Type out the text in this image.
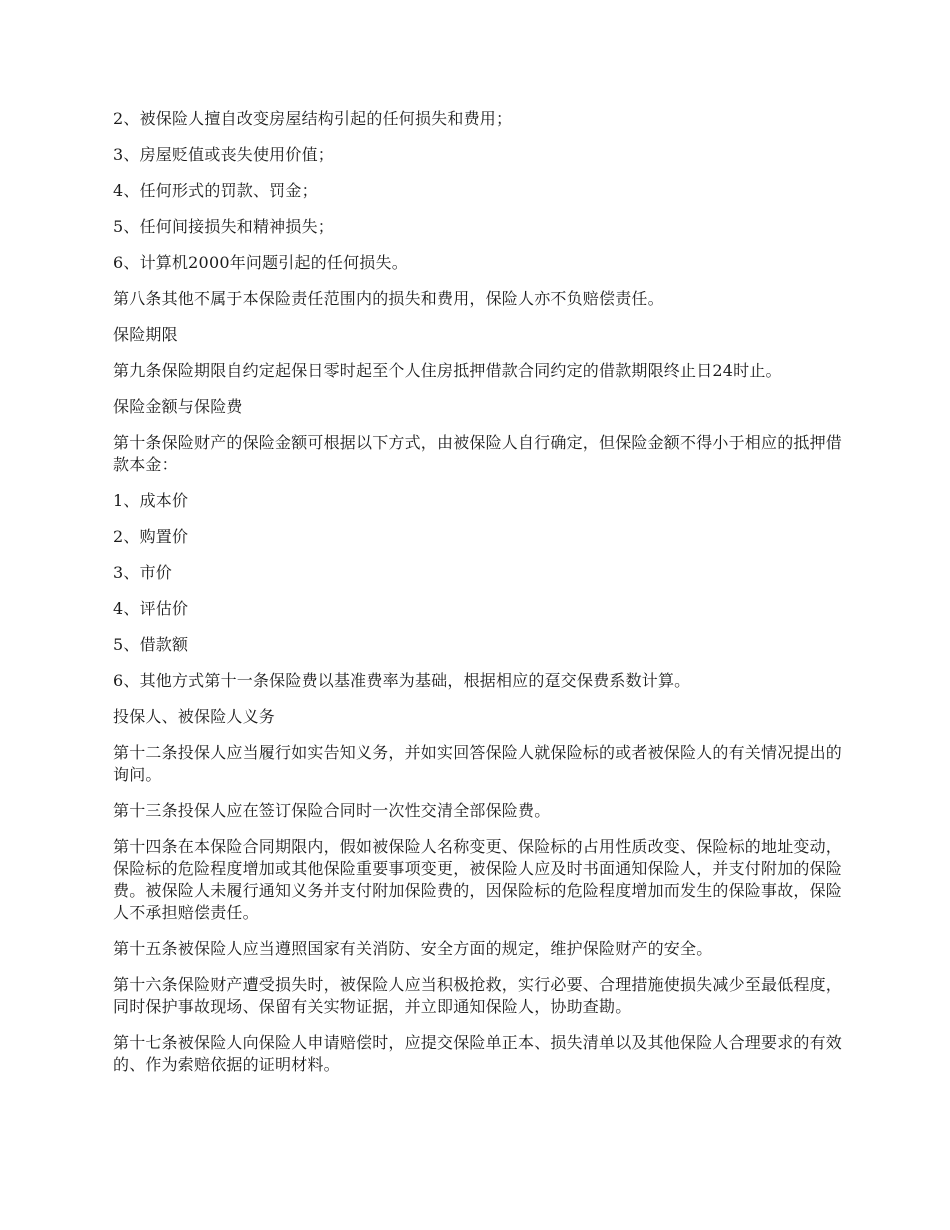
2、被保险人擅自改变房屋结构引起的任何损失和费用；

3、房屋贬值或丧失使用价值；

4、任何形式的罚款、罚金；

5、任何间接损失和精神损失；

6、计算机2000年问题引起的任何损失。

第八条其他不属于本保险责任范围内的损失和费用，保险人亦不负赔偿责任。

保险期限

第九条保险期限自约定起保日零时起至个人住房抵押借款合同约定的借款期限终止日24时止。

保险金额与保险费

第十条保险财产的保险金额可根据以下方式，由被保险人自行确定，但保险金额不得小于相应的抵押借款本金：

1、成本价

2、购置价

3、市价

4、评估价

5、借款额

6、其他方式第十一条保险费以基准费率为基础，根据相应的趸交保费系数计算。

投保人、被保险人义务

第十二条投保人应当履行如实告知义务，并如实回答保险人就保险标的或者被保险人的有关情况提出的询问。

第十三条投保人应在签订保险合同时一次性交清全部保险费。

第十四条在本保险合同期限内，假如被保险人名称变更、保险标的占用性质改变、保险标的地址变动，保险标的危险程度增加或其他保险重要事项变更，被保险人应及时书面通知保险人，并支付附加的保险费。被保险人未履行通知义务并支付附加保险费的，因保险标的危险程度增加而发生的保险事故，保险人不承担赔偿责任。

第十五条被保险人应当遵照国家有关消防、安全方面的规定，维护保险财产的安全。

第十六条保险财产遭受损失时，被保险人应当积极抢救，实行必要、合理措施使损失减少至最低程度，同时保护事故现场、保留有关实物证据，并立即通知保险人，协助查勘。

第十七条被保险人向保险人申请赔偿时，应提交保险单正本、损失清单以及其他保险人合理要求的有效的、作为索赔依据的证明材料。
